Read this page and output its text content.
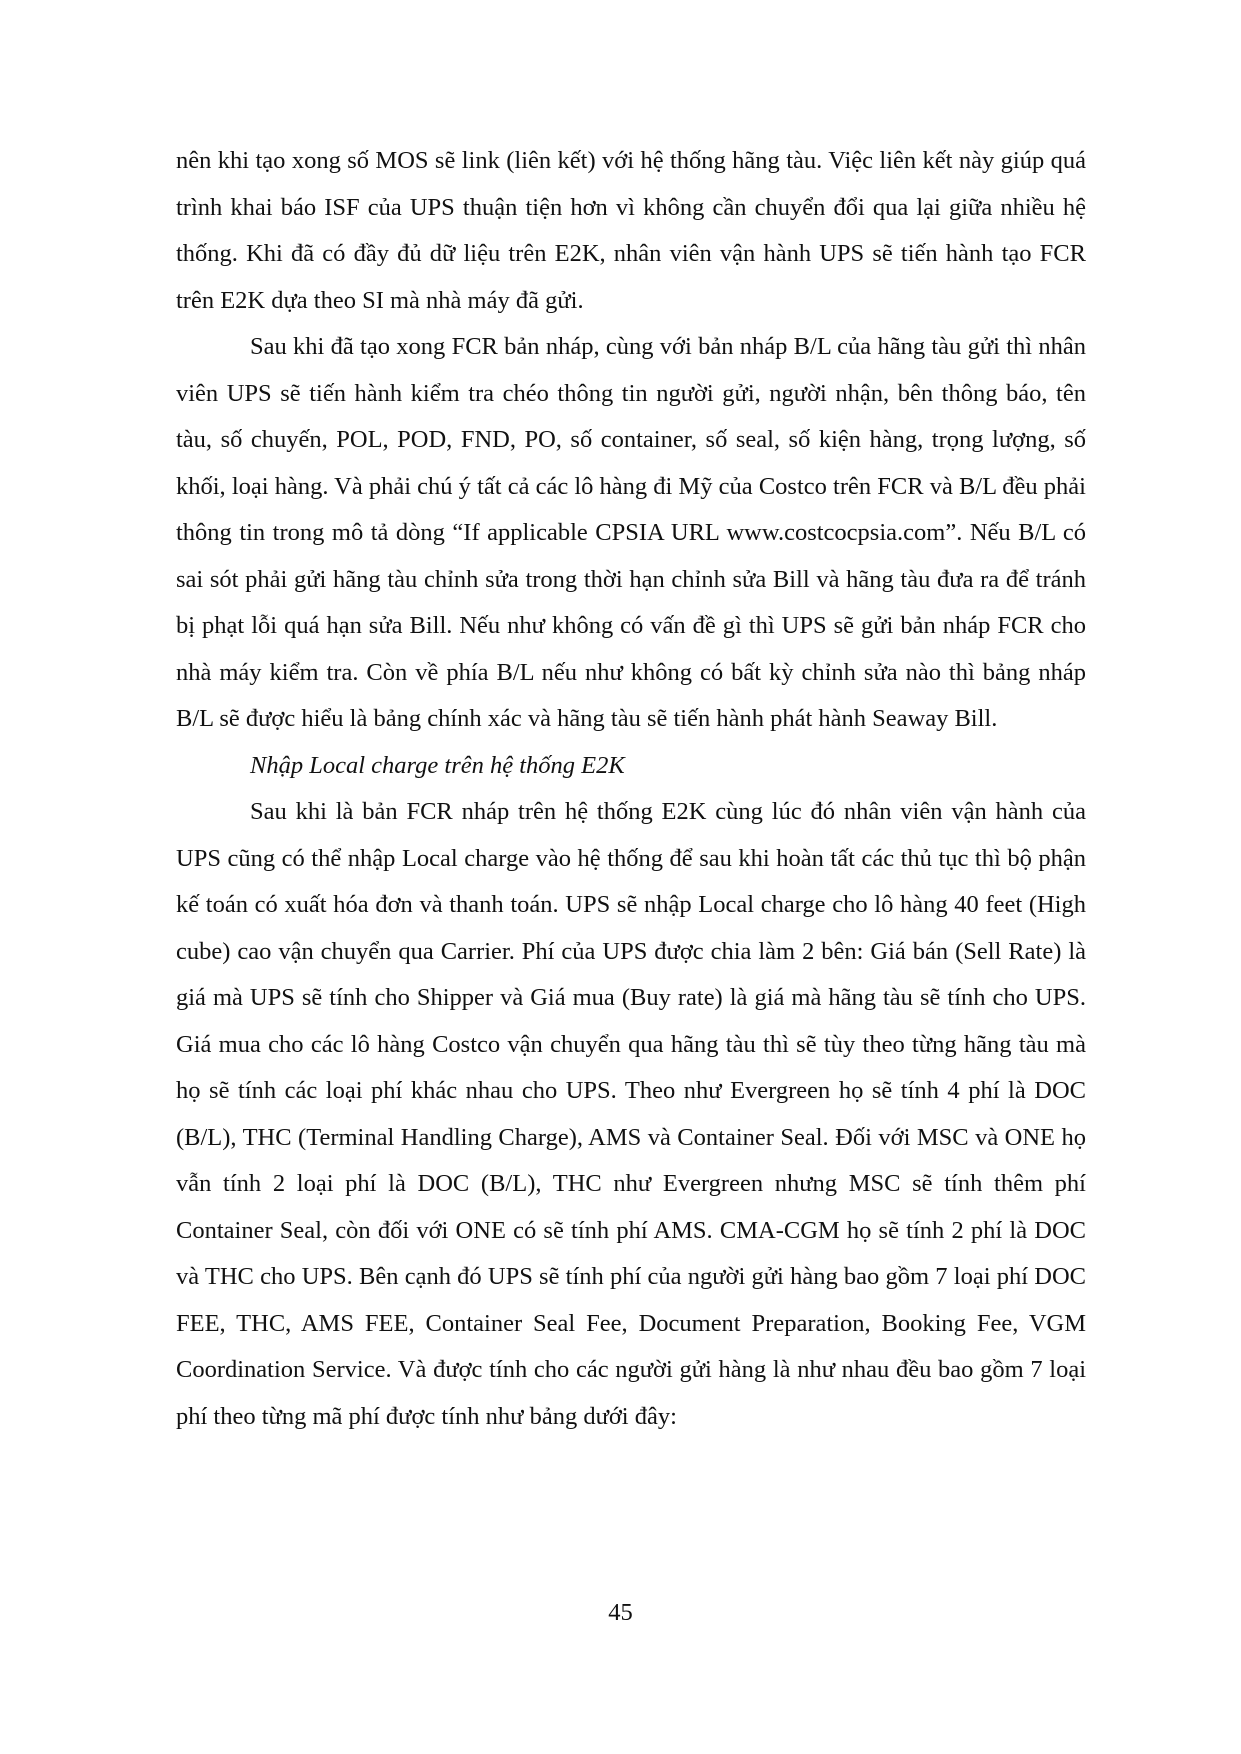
nên khi tạo xong số MOS sẽ link (liên kết) với hệ thống hãng tàu. Việc liên kết này giúp quá trình khai báo ISF của UPS thuận tiện hơn vì không cần chuyển đổi qua lại giữa nhiều hệ thống. Khi đã có đầy đủ dữ liệu trên E2K, nhân viên vận hành UPS sẽ tiến hành tạo FCR trên E2K dựa theo SI mà nhà máy đã gửi.

Sau khi đã tạo xong FCR bản nháp, cùng với bản nháp B/L của hãng tàu gửi thì nhân viên UPS sẽ tiến hành kiểm tra chéo thông tin người gửi, người nhận, bên thông báo, tên tàu, số chuyến, POL, POD, FND, PO, số container, số seal, số kiện hàng, trọng lượng, số khối, loại hàng. Và phải chú ý tất cả các lô hàng đi Mỹ của Costco trên FCR và B/L đều phải thông tin trong mô tả dòng “If applicable CPSIA URL www.costcocpsia.com”. Nếu B/L có sai sót phải gửi hãng tàu chỉnh sửa trong thời hạn chỉnh sửa Bill và hãng tàu đưa ra để tránh bị phạt lỗi quá hạn sửa Bill. Nếu như không có vấn đề gì thì UPS sẽ gửi bản nháp FCR cho nhà máy kiểm tra. Còn về phía B/L nếu như không có bất kỳ chỉnh sửa nào thì bảng nháp B/L sẽ được hiểu là bảng chính xác và hãng tàu sẽ tiến hành phát hành Seaway Bill.

Nhập Local charge trên hệ thống E2K

Sau khi là bản FCR nháp trên hệ thống E2K cùng lúc đó nhân viên vận hành của UPS cũng có thể nhập Local charge vào hệ thống để sau khi hoàn tất các thủ tục thì bộ phận kế toán có xuất hóa đơn và thanh toán. UPS sẽ nhập Local charge cho lô hàng 40 feet (High cube) cao vận chuyển qua Carrier. Phí của UPS được chia làm 2 bên: Giá bán (Sell Rate) là giá mà UPS sẽ tính cho Shipper và Giá mua (Buy rate) là giá mà hãng tàu sẽ tính cho UPS. Giá mua cho các lô hàng Costco vận chuyển qua hãng tàu thì sẽ tùy theo từng hãng tàu mà họ sẽ tính các loại phí khác nhau cho UPS. Theo như Evergreen họ sẽ tính 4 phí là DOC (B/L), THC (Terminal Handling Charge), AMS và Container Seal. Đối với MSC và ONE họ vẫn tính 2 loại phí là DOC (B/L), THC như Evergreen nhưng MSC sẽ tính thêm phí Container Seal, còn đối với ONE có sẽ tính phí AMS. CMA-CGM họ sẽ tính 2 phí là DOC và THC cho UPS. Bên cạnh đó UPS sẽ tính phí của người gửi hàng bao gồm 7 loại phí DOC FEE, THC, AMS FEE, Container Seal Fee, Document Preparation, Booking Fee, VGM Coordination Service. Và được tính cho các người gửi hàng là như nhau đều bao gồm 7 loại phí theo từng mã phí được tính như bảng dưới đây:

45
